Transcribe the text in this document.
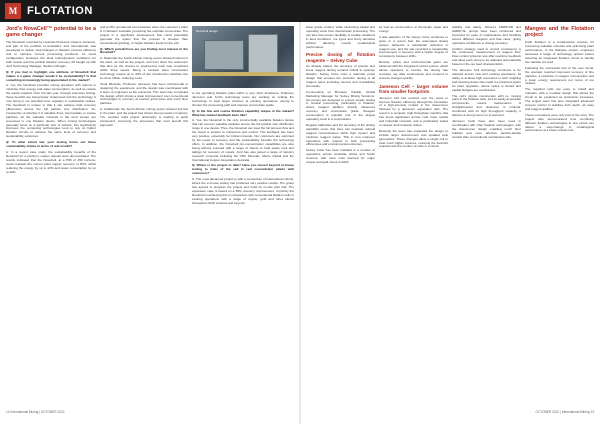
M FLOTATION
Jord’s NovaCell™ potential to be a game changer

The NovaCell, invented by Laureate Professor Graeme Jameson, and part of the portfolio of Australia’s Jord International, was developed to deliver step-changes in flotation process efficiency and to optimise current processing problems. Its novel configuration produces the ideal hydrodynamic conditions for both coarse and fine particle flotation recovery. IM caught up with Jord Technology Manager, Stephen Morgan.

Q: If you had to highlight one attribute of NovaCell that makes it a game changer would it be sustainability? Is that something increasingly being appreciated in the market?

A: Yes, the NovaCell provides mining operators with options to minimise their energy and water consumption, as well as reduce the waste material. Over the last year, through extensive testing, these benefits are being better understood and the technology is now being in our potential more regularly in sustainable studies. The NovaCell is unique in that it can achieve high recovery efficiencies across the full particle size distribution. So, irrespective of whether it is valuable fines, intermediate or coarse particles, all the valuable minerals in the feed stream are recovered in one flotation device. When mining technologies generally focus on a particular size of particle, this significantly improves the competing technologies tend to rely on higher flotation circuits to achieve the same level of recovery and sustainability outcomes.

Q: To what extent has your testing borne out these sustainability claims in terms of real results?

A: In a recent case study, the sustainability benefits of the NovaCell for a porphyry copper deposit were demonstrated. The results indicated that the NovaCell, at a P80 of 450 microns, could maintain the current plant copper recovery of 90%, whilst reducing the energy by up to 12% and water consumption by up to 20%.

and an 8% operational cost reduction when the customer’s plant is in Western Australia, producing the sulphide concentrate. The project is a significant development that could potentially generate the option that the process is cheaper than conventional grinding, or higher flotation feeds for the mill.

Q: Which jurisdictions are you finding most interest in the NovaCell?

A: Nationally the South African mining sector showed interest in the plant, as well as the project, and from there the customers that also be the chance to engineering work was completed within three weeks. Being a modular plant construction technology means up to 40% of site construction activities can be done offsite, reducing costs.

Tesla Minerals, Professor Jameson has been instrumental in designing the equipment, and the design was coordinated with a team of engineers at the university. This team has completed the design, which shows a great improvement over conventional technologies in recovery at coarser grind sizes and much finer particles.

A: Additionally the South African mining sector showed interest in the plant, and the project has shown strong results in industry. The modular build project philosophy is leading to quick turnaround, improving the processes that most benefit this approach.

NovaCell design

to the operating flotation plant within a very short timeframe. Professor Jameson and Jord’s technology team are working on scaling the technology to treat larger volumes at existing operations, aiming to shorten the processing path and improve concentrate grade.

Q: In the fine and coarse flotation capability unique in the market? What has market feedback been like?

A: Yes, the NovaCell is the only commercially available flotation device that can recover valuable particles across the full particle size distribution range in one device. Thus, the NovaCell can treat the full process flow and the circuit is simpler to implement and control. The feedback has been very positive, especially for critical minerals. Our customers are surprised by the levels of recovery and the sustainability benefits the technology offers. In addition, the NovaCell pre-concentration capabilities are also being actively pursued with a range of clients to treat waste rock and tailings for recovery of metals. Jord has also joined a range of industry research consortia including the CRC Minerals, Metso Global and the International Copper Association Australia.

Q: Where is the project to date? Have you moved beyond in-house testing to trials of the cell in real concentrator plants with customers?

A: The most advanced project is with a consortium of international clients, where the in-house testing has produced very positive results. The group has agreed to progress the project and build an on-site pilot trial. The expansion case is based on a 50% recovery improvement. Currently the NovaCell is achieving this in comparison with conventional flotation cells in existing operations with a range of copper, gold and other clients throughout North America and beyond.

12 International Mining | OCTOBER 2022

lower grade content, while minimising capital and operating costs from downstream processing. The cell also has proven flexibility to handle variations in feed conditions, ore types and slurry densities without affecting overall metallurgical performance.

Precise dosing of flotation reagents – Selvey Cube

As already stated, the accuracy of precise and linear reagent dosing remains critical to optimise flotation. Selvey Cube uses a patented pump design that ensures the precision dosing of all reagent types including viscous and crystallising chemicals.

Commenting on Bronwen Castillo, Global Marketing Manager for Selvey Mining Solutions: the pumps are designed to ensure steady dosing in mineral processing, particularly in flotation, where reagent addition directly influences recovery and concentrate grade. Reagent consumption is typically one of the largest operating costs in a concentrator.

Regular calibration and the accuracy of the dosing capability mean that sites can maintain optimal reagent concentrations within their system and minimise reagent waste. This in turn improves operations with respect to both processing efficiencies and environmental outcomes.

Selvey Cube has been installed in a number of operations across Australia, Africa and South America, with more units planned for major copper and gold mines in 2023.

as well as consumption of chemicals, water and energy.

It was adoption of the Selvey Cube continues to grow. In a recent trial, the automated dosing system delivered a substantial reduction in reagent use, and the site recorded a measurable improvement in recovery with a higher degree of consistency between shifts.

Results, safety and environmental gains are achieved with the integrated control system, which allows operators to monitor the dosing rate remotely, log data continuously and respond to process changes quickly.

Jameson Cell – larger volume from smaller footprints

Jameson Cell has evolved over the years to improve flotation efficiency through the innovation of a high-intensity contact in the downcomer followed by a quiescent separation tank. The result is a compact, high-throughput machine that has found application across coal, base metals and industrial minerals, and is particularly suited to cleaner and recleaner duties.

Recently the team has expanded the design to include larger downcomers and updated tank geometries. These changes allow a single cell to treat much higher volumes, reducing the footprint required and the number of units in a circuit.

stability and safety, Selvey’s ADRIP-8D and ADRIP-SL pumps have been reinforced and improved for ease of maintenance and flexibility across different reagents and flow rates, giving operators confidence in dosing accuracy.

Another strategy used to control consistency is the continuous measurement of reagent flow. Flow control systems now offer real-time feedback and allow each pump to be adjusted automatically based on the ore feed characteristics.

The Jameson Cell technology continues to be adopted across new and existing operations. Its ability to achieve high recoveries in both roughing and cleaning duties has made it a preferred option for plant upgrades, where space is limited and capital budgets are constrained.

The cell’s simple construction with no moving parts in the flotation tank, and its easily accessible components, means maintenance is straightforward and downtime is minimal. Combined with its high throughput capacity, it delivers a strong return on investment.

Jameson Cells have also been used in combination with other flotation technologies, with the downcomer design enabling much finer bubbles and more effective particle-bubble contact than conventional mechanical cells.

Mangwe and the Flotation project

Froth flotation is a fundamental process for recovering valuable minerals and optimising plant performance. In the Mangwe project, engineers assessed a range of technology options before selecting an integrated flotation circuit to handle the variable ore feed.

Following the successful trial of the new circuit, the operator reported improved recovery of fine particles, a reduction in reagent consumption and a lower energy requirement per tonne of ore treated.

The supplied cells are easy to install and maintain, with a modular design that allows the circuit to be expanded as production increases. The project team has also integrated advanced process control to stabilise froth depth, air rates and reagent addition.

These innovations were only part of the story. The project also demonstrated how combining different flotation technologies in one circuit can deliver a step-change in metallurgical performance at a lower overall cost.

OCTOBER 2022 | International Mining 13
